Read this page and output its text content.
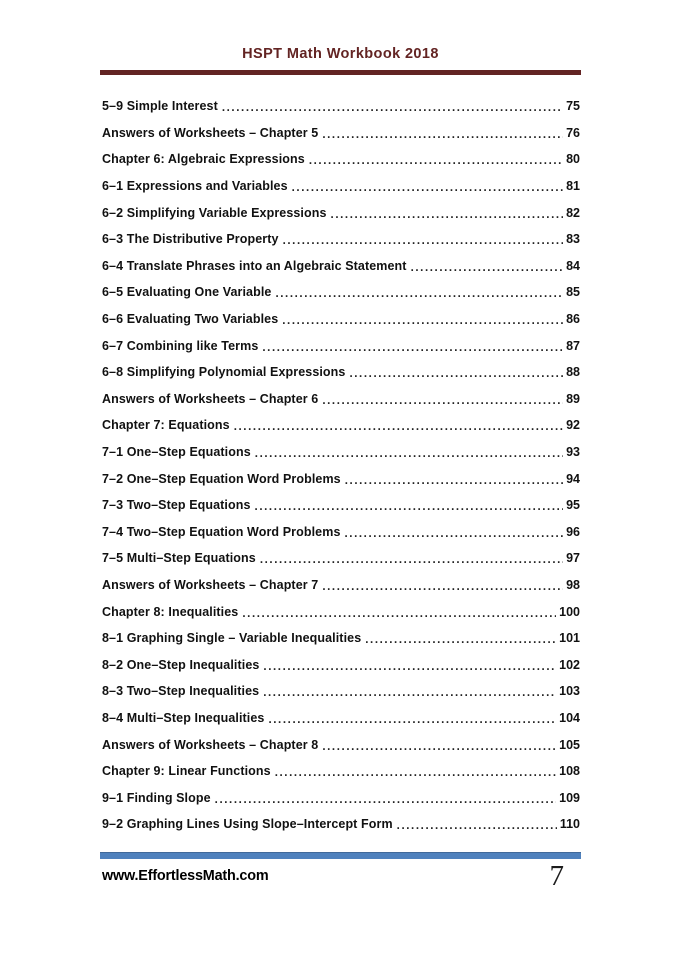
HSPT Math Workbook 2018
5–9 Simple Interest .....	75
Answers of Worksheets – Chapter 5 .....	76
Chapter 6: Algebraic Expressions .....	80
6–1 Expressions and Variables .....	81
6–2 Simplifying Variable Expressions .....	82
6–3 The Distributive Property .....	83
6–4 Translate Phrases into an Algebraic Statement .....	84
6–5 Evaluating One Variable .....	85
6–6 Evaluating Two Variables .....	86
6–7 Combining like Terms .....	87
6–8 Simplifying Polynomial Expressions .....	88
Answers of Worksheets – Chapter 6 .....	89
Chapter 7: Equations .....	92
7–1 One–Step Equations .....	93
7–2 One–Step Equation Word Problems .....	94
7–3 Two–Step Equations .....	95
7–4 Two–Step Equation Word Problems .....	96
7–5 Multi–Step Equations .....	97
Answers of Worksheets – Chapter 7 .....	98
Chapter 8: Inequalities .....	100
8–1 Graphing Single – Variable Inequalities .....	101
8–2 One–Step Inequalities .....	102
8–3 Two–Step Inequalities .....	103
8–4 Multi–Step Inequalities .....	104
Answers of Worksheets – Chapter 8 .....	105
Chapter 9: Linear Functions .....	108
9–1 Finding Slope .....	109
9–2 Graphing Lines Using Slope–Intercept Form .....	110
www.EffortlessMath.com	7
